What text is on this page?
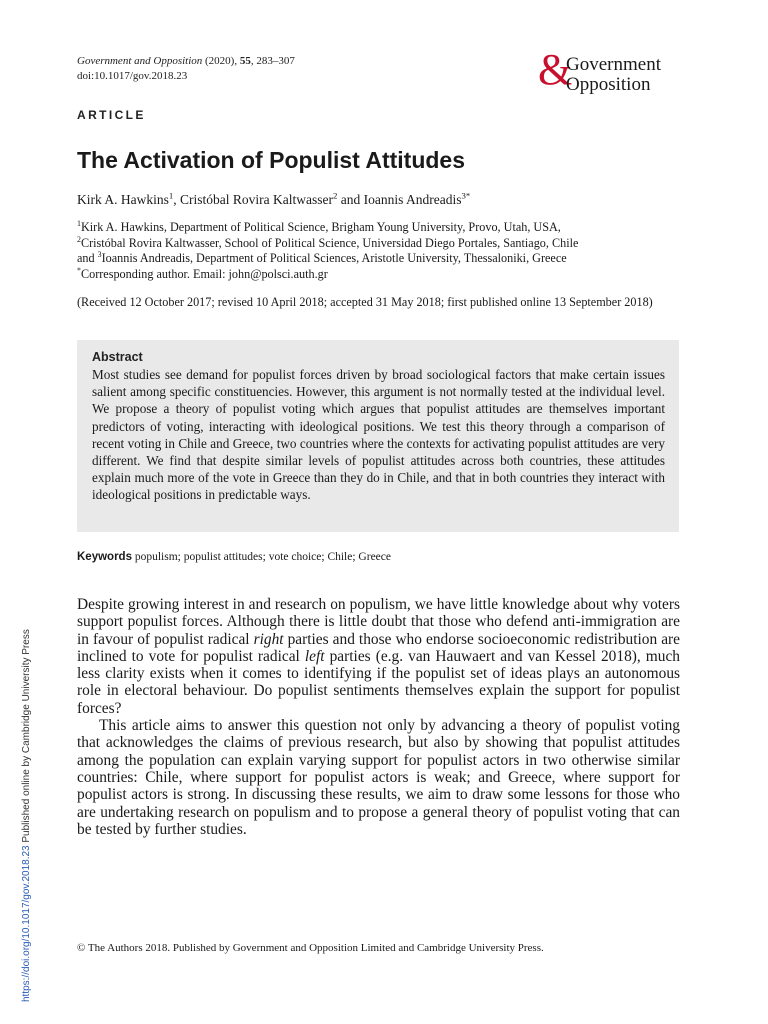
Government and Opposition (2020), 55, 283–307
doi:10.1017/gov.2018.23	&
Government
Opposition
ARTICLE
The Activation of Populist Attitudes
Kirk A. Hawkins$^1$, Cristóbal Rovira Kaltwasser$^2$ and Ioannis Andreadis$^{3*}$
$^1$Kirk A. Hawkins, Department of Political Science, Brigham Young University, Provo, Utah, USA,
$^2$Cristóbal Rovira Kaltwasser, School of Political Science, Universidad Diego Portales, Santiago, Chile
and $^3$Ioannis Andreadis, Department of Political Sciences, Aristotle University, Thessaloniki, Greece
*Corresponding author. Email: john@polsci.auth.gr
(Received 12 October 2017; revised 10 April 2018; accepted 31 May 2018; first published online 13 September 2018)
Abstract
Most studies see demand for populist forces driven by broad sociological factors that make certain issues salient among specific constituencies. However, this argument is not normally tested at the individual level. We propose a theory of populist voting which argues that populist attitudes are themselves important predictors of voting, interacting with ideological positions. We test this theory through a comparison of recent voting in Chile and Greece, two countries where the contexts for activating populist attitudes are very different. We find that despite similar levels of populist attitudes across both countries, these attitudes explain much more of the vote in Greece than they do in Chile, and that in both countries they interact with ideological positions in predictable ways.
Keywords populism; populist attitudes; vote choice; Chile; Greece

Despite growing interest in and research on populism, we have little knowledge about why voters support populist forces. Although there is little doubt that those who defend anti-immigration are in favour of populist radical right parties and those who endorse socioeconomic redistribution are inclined to vote for populist radical left parties (e.g. van Hauwaert and van Kessel 2018), much less clarity exists when it comes to identifying if the populist set of ideas plays an autonomous role in electoral behaviour. Do populist sentiments themselves explain the support for populist forces?

This article aims to answer this question not only by advancing a theory of populist voting that acknowledges the claims of previous research, but also by showing that populist attitudes among the population can explain varying support for populist actors in two otherwise similar countries: Chile, where support for populist actors is weak; and Greece, where support for populist actors is strong. In discussing these results, we aim to draw some lessons for those who are undertaking research on populism and to propose a general theory of populist voting that can be tested by further studies.

© The Authors 2018. Published by Government and Opposition Limited and Cambridge University Press.
https://doi.org/10.1017/gov.2018.23 Published online by Cambridge University Press
